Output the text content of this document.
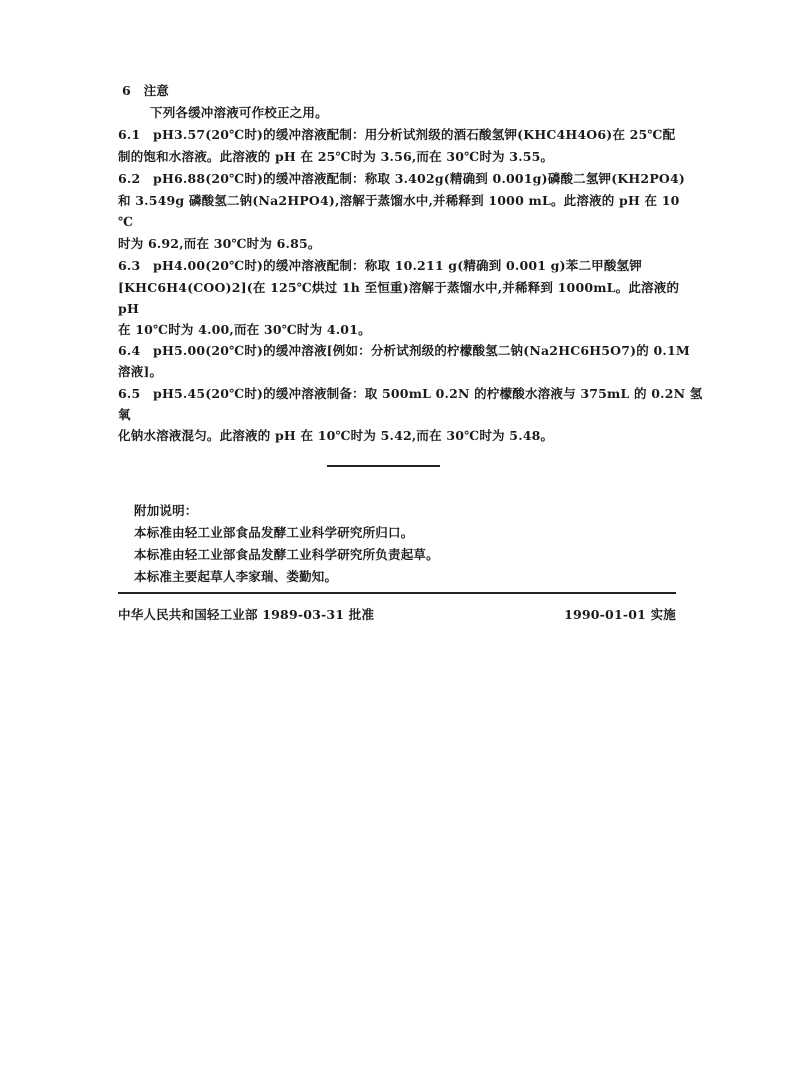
6　注意
下列各缓冲溶液可作校正之用。
6.1　pH3.57(20℃时)的缓冲溶液配制：用分析试剂级的酒石酸氢钾(KHC4H4O6)在 25℃配
制的饱和水溶液。此溶液的 pH 在 25℃时为 3.56,而在 30℃时为 3.55。
6.2　pH6.88(20℃时)的缓冲溶液配制：称取 3.402g(精确到 0.001g)磷酸二氢钾(KH2PO4)
和 3.549g 磷酸氢二钠(Na2HPO4),溶解于蒸馏水中,并稀释到 1000 mL。此溶液的 pH 在 10
℃
时为 6.92,而在 30℃时为 6.85。
6.3　pH4.00(20℃时)的缓冲溶液配制：称取 10.211 g(精确到 0.001 g)苯二甲酸氢钾
[KHC6H4(COO)2](在 125℃烘过 1h 至恒重)溶解于蒸馏水中,并稀释到 1000mL。此溶液的
pH
在 10℃时为 4.00,而在 30℃时为 4.01。
6.4　pH5.00(20℃时)的缓冲溶液[例如：分析试剂级的柠檬酸氢二钠(Na2HC6H5O7)的 0.1M
溶液]。
6.5　pH5.45(20℃时)的缓冲溶液制备：取 500mL 0.2N 的柠檬酸水溶液与 375mL 的 0.2N 氢
氧
化钠水溶液混匀。此溶液的 pH 在 10℃时为 5.42,而在 30℃时为 5.48。
附加说明：
本标准由轻工业部食品发酵工业科学研究所归口。
本标准由轻工业部食品发酵工业科学研究所负责起草。
本标准主要起草人李家瑞、娄勤知。
中华人民共和国轻工业部 1989-03-31 批准	1990-01-01 实施
